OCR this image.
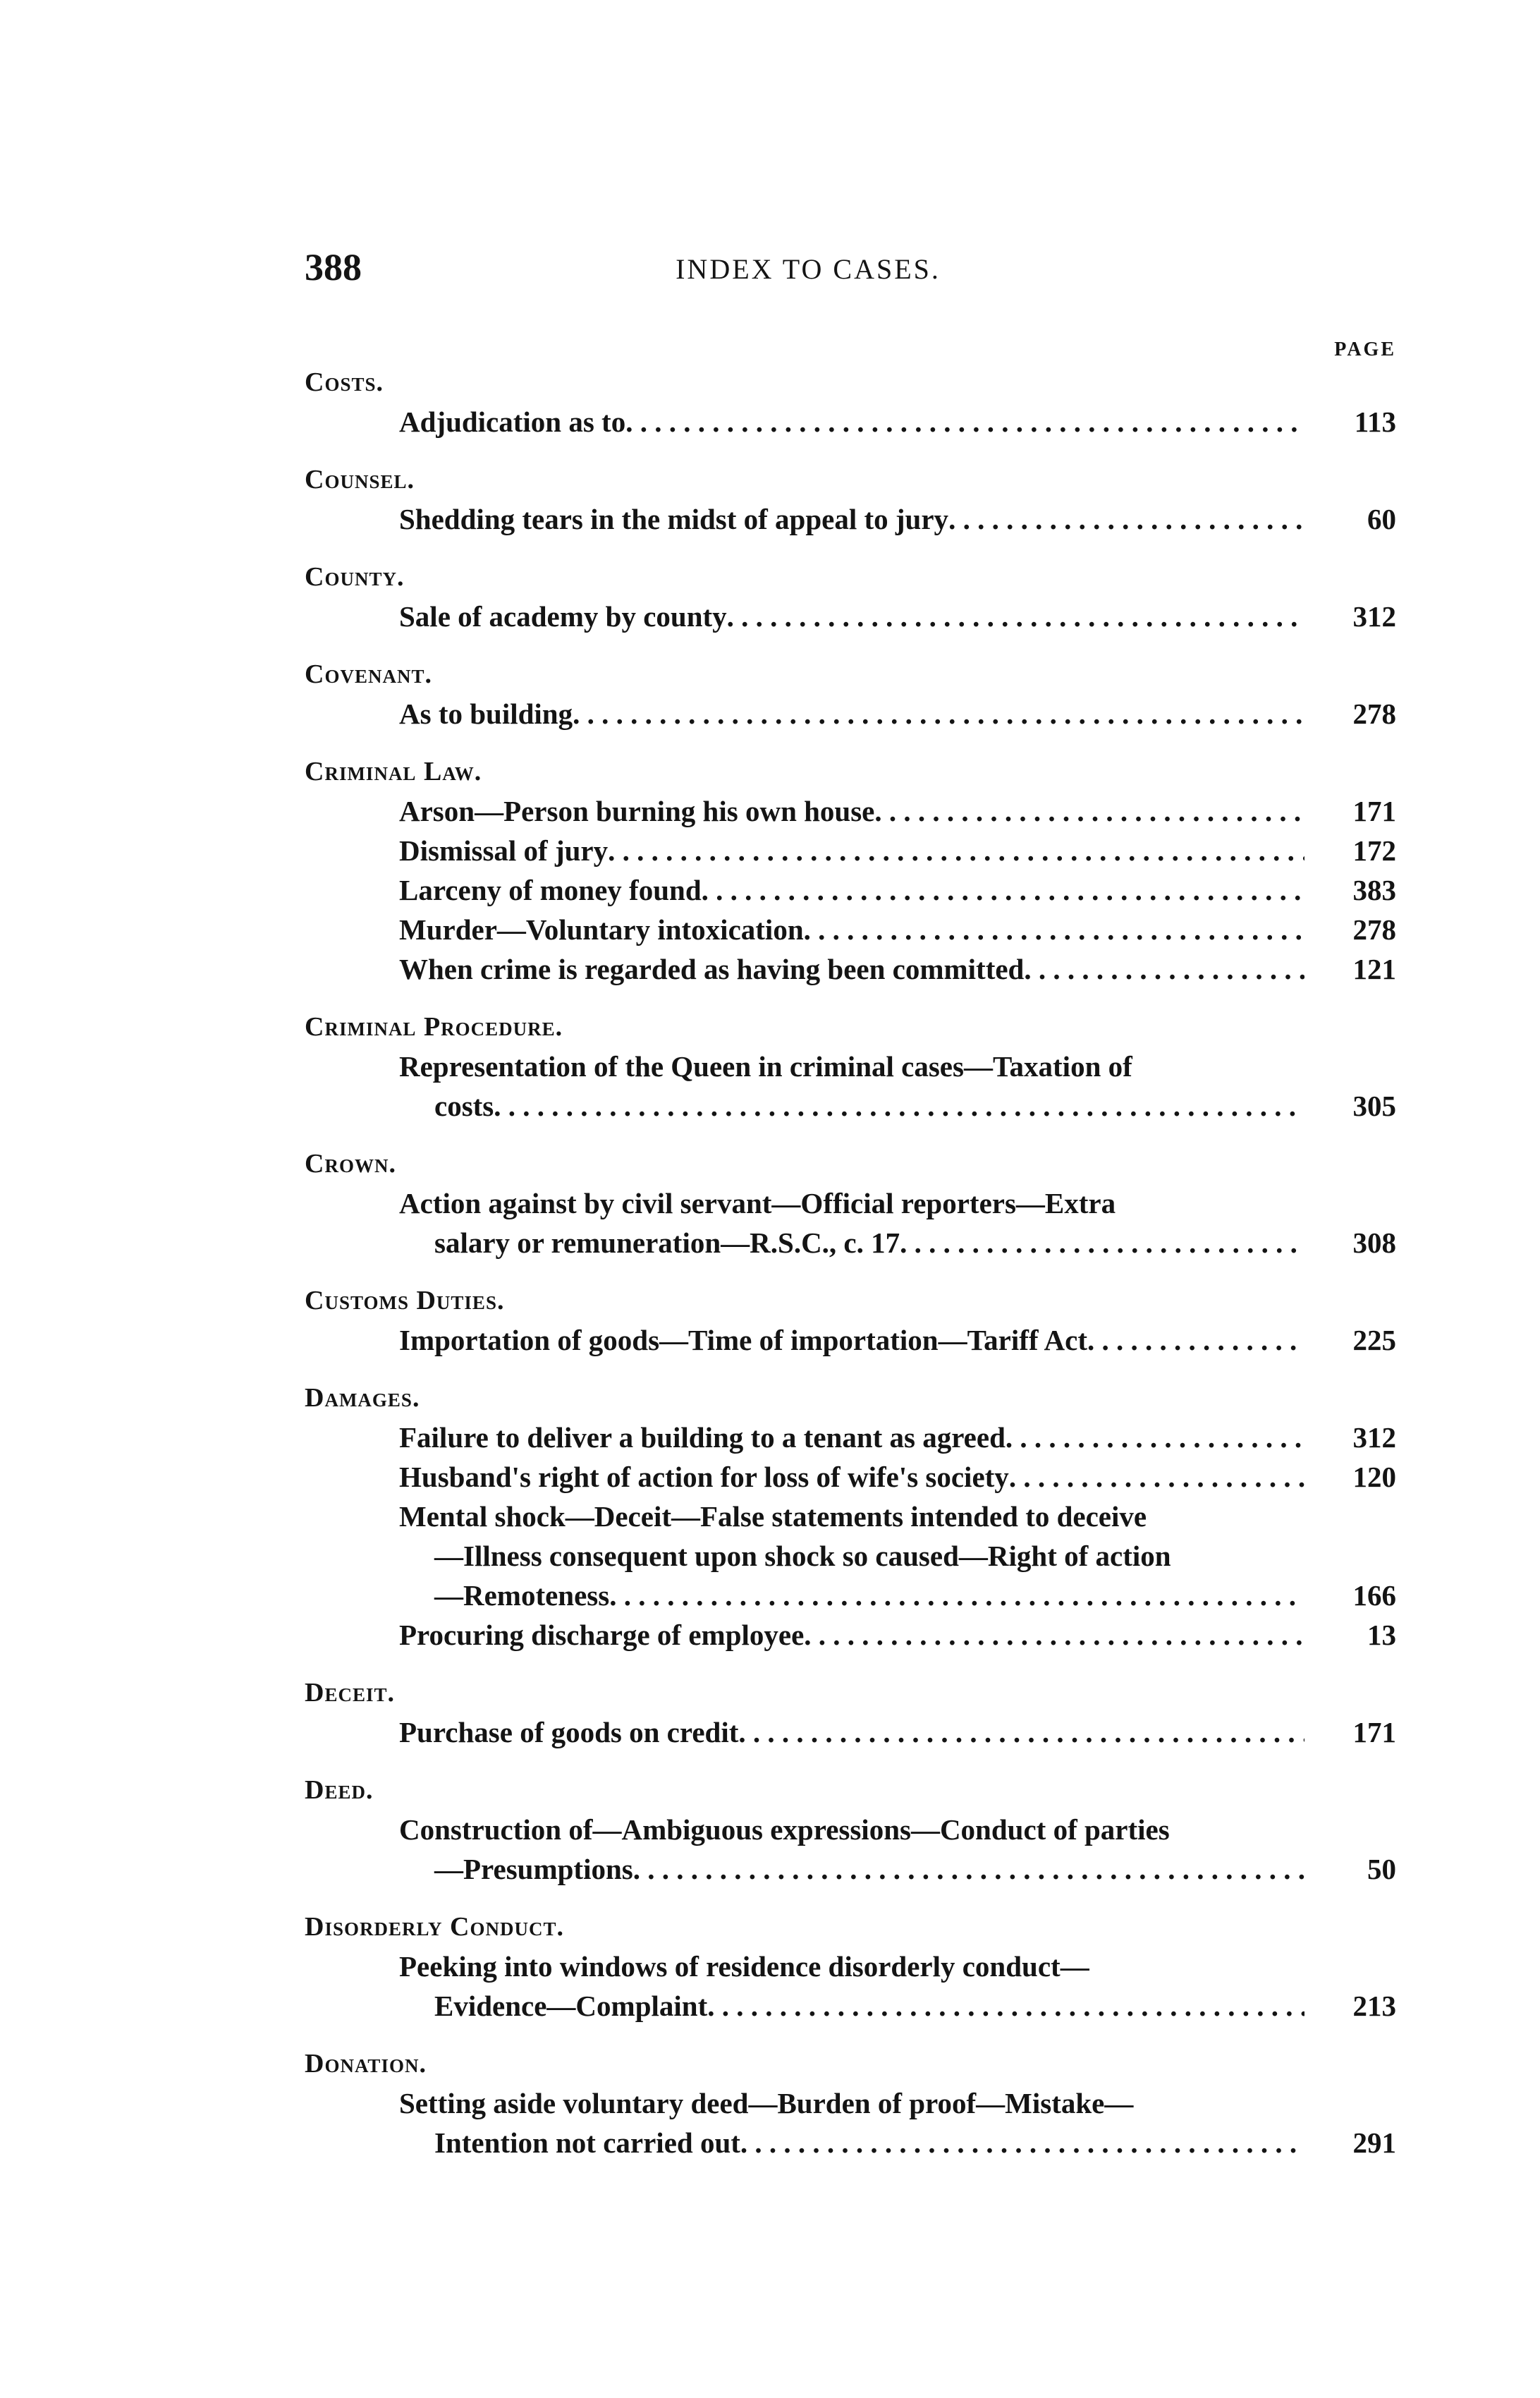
388	INDEX TO CASES.
PAGE
Costs.
Adjudication as to . . .	113
Counsel.
Shedding tears in the midst of appeal to jury . . .	60
County.
Sale of academy by county . . .	312
Covenant.
As to building . . .	278
Criminal Law.
Arson—Person burning his own house . . .	171
Dismissal of jury . . .	172
Larceny of money found . . .	383
Murder—Voluntary intoxication . . .	278
When crime is regarded as having been committed . . .	121
Criminal Procedure.
Representation of the Queen in criminal cases—Taxation of
costs . . .	305
Crown.
Action against by civil servant—Official reporters—Extra
salary or remuneration—R.S.C., c. 17 . . .	308
Customs Duties.
Importation of goods—Time of importation—Tariff Act . . .	225
Damages.
Failure to deliver a building to a tenant as agreed . . .	312
Husband's right of action for loss of wife's society . . .	120
Mental shock—Deceit—False statements intended to deceive
—Illness consequent upon shock so caused—Right of action
—Remoteness . . .	166
Procuring discharge of employee . . .	13
Deceit.
Purchase of goods on credit . . .	171
Deed.
Construction of—Ambiguous expressions—Conduct of parties
—Presumptions . . .	50
Disorderly Conduct.
Peeking into windows of residence disorderly conduct—
Evidence—Complaint . . .	213
Donation.
Setting aside voluntary deed—Burden of proof—Mistake—
Intention not carried out . . .	291
